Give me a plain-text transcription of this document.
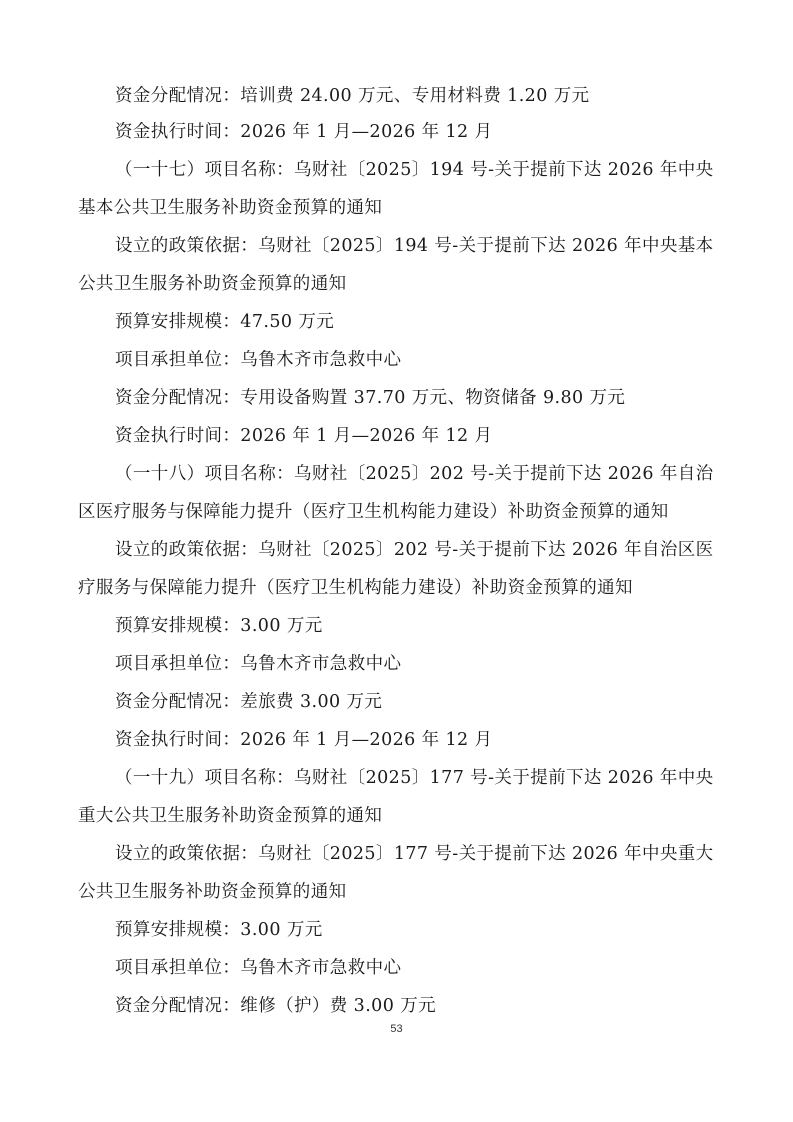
资金分配情况：培训费 24.00 万元、专用材料费 1.20 万元
资金执行时间：2026 年 1 月—2026 年 12 月
（一十七）项目名称：乌财社〔2025〕194 号-关于提前下达 2026 年中央
基本公共卫生服务补助资金预算的通知
设立的政策依据：乌财社〔2025〕194 号-关于提前下达 2026 年中央基本
公共卫生服务补助资金预算的通知
预算安排规模：47.50 万元
项目承担单位：乌鲁木齐市急救中心
资金分配情况：专用设备购置 37.70 万元、物资储备 9.80 万元
资金执行时间：2026 年 1 月—2026 年 12 月
（一十八）项目名称：乌财社〔2025〕202 号-关于提前下达 2026 年自治
区医疗服务与保障能力提升（医疗卫生机构能力建设）补助资金预算的通知
设立的政策依据：乌财社〔2025〕202 号-关于提前下达 2026 年自治区医
疗服务与保障能力提升（医疗卫生机构能力建设）补助资金预算的通知
预算安排规模：3.00 万元
项目承担单位：乌鲁木齐市急救中心
资金分配情况：差旅费 3.00 万元
资金执行时间：2026 年 1 月—2026 年 12 月
（一十九）项目名称：乌财社〔2025〕177 号-关于提前下达 2026 年中央
重大公共卫生服务补助资金预算的通知
设立的政策依据：乌财社〔2025〕177 号-关于提前下达 2026 年中央重大
公共卫生服务补助资金预算的通知
预算安排规模：3.00 万元
项目承担单位：乌鲁木齐市急救中心
资金分配情况：维修（护）费 3.00 万元
53
